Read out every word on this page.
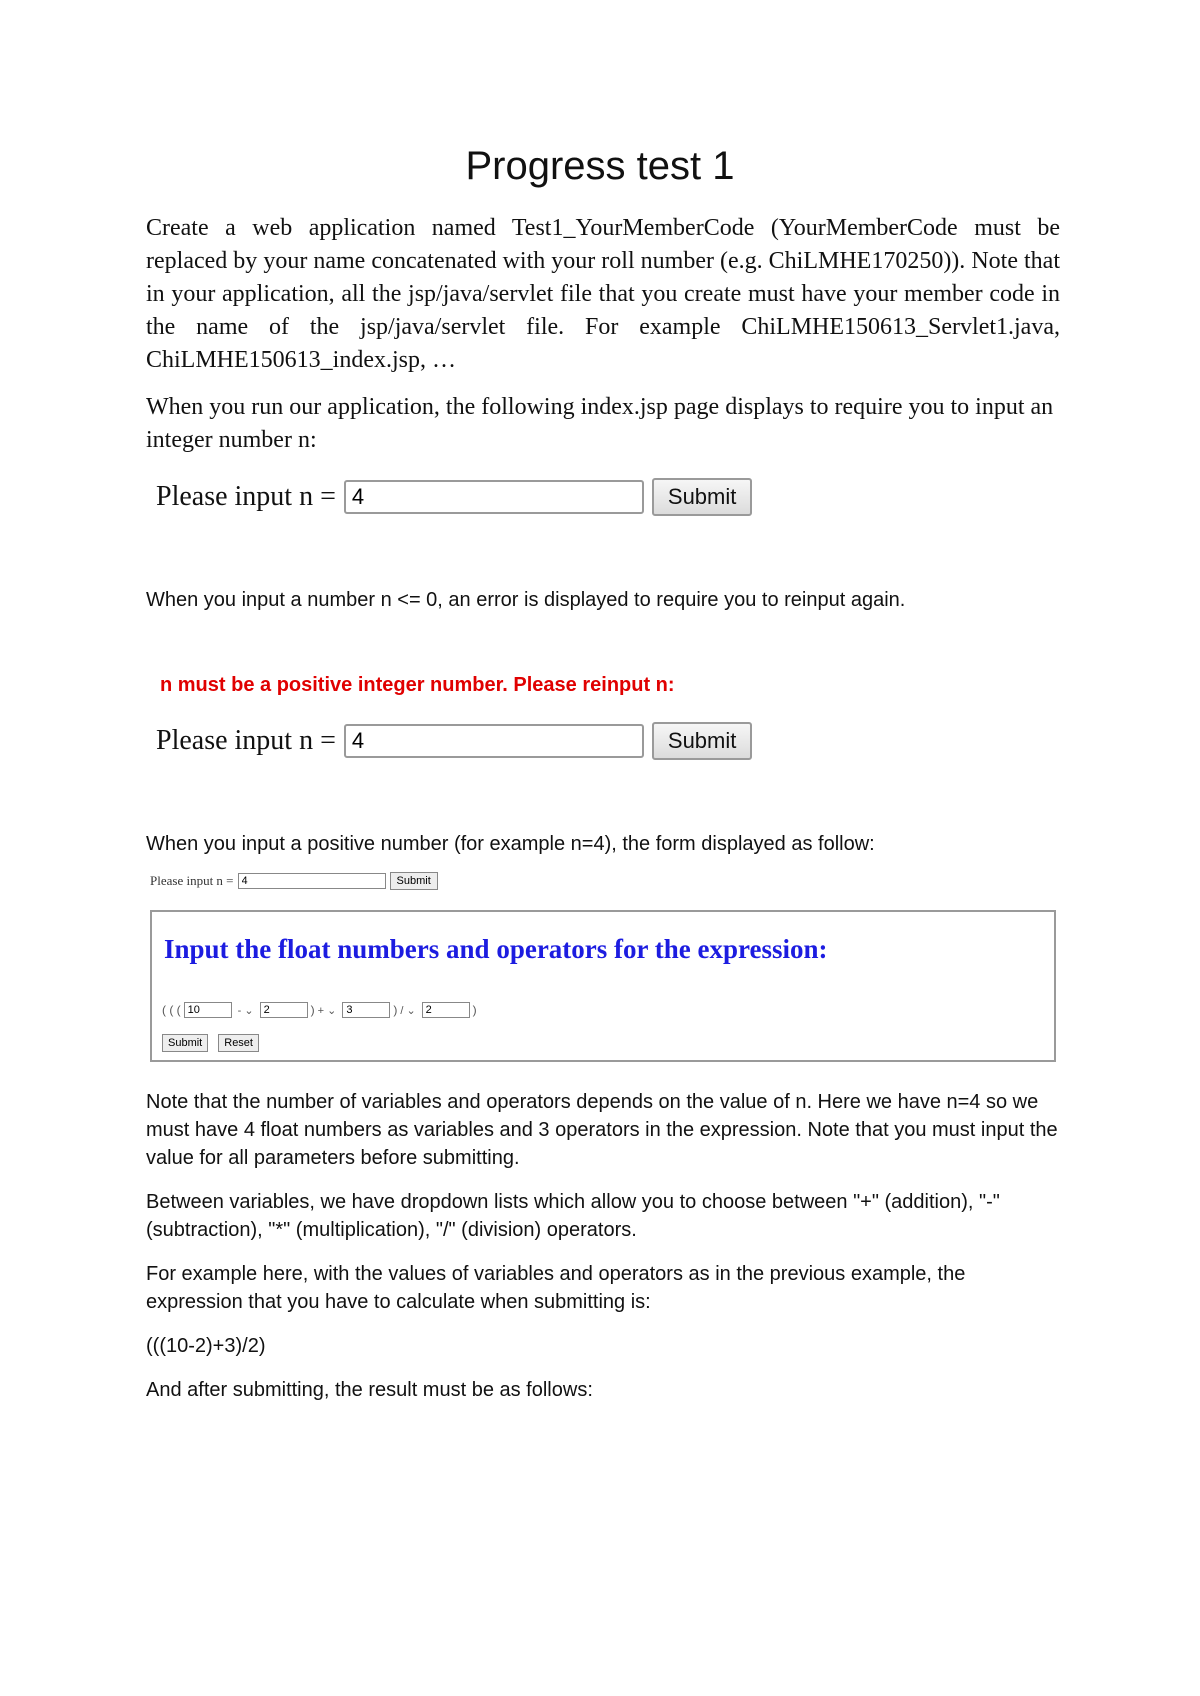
Progress test 1

Create a web application named Test1_YourMemberCode (YourMemberCode must be replaced by your name concatenated with your roll number (e.g. ChiLMHE170250)). Note that in your application, all the jsp/java/servlet file that you create must have your member code in the name of the jsp/java/servlet file. For example ChiLMHE150613_Servlet1.java, ChiLMHE150613_index.jsp, …

When you run our application, the following index.jsp page displays to require you to input an integer number n:

Please input n =
4	Submit

When you input a number n <= 0, an error is displayed to require you to reinput again.

n must be a positive integer number. Please reinput n:
Please input n =
4	Submit

When you input a positive number (for example n=4), the form displayed as follow:

Please input n =
4	Submit
Input the float numbers and operators for the expression:
( ( (
10	- ⌄
2	) + ⌄
3	) / ⌄
2	)
Submit	Reset

Note that the number of variables and operators depends on the value of n. Here we have n=4 so we must have 4 float numbers as variables and 3 operators in the expression. Note that you must input the value for all parameters before submitting.

Between variables, we have dropdown lists which allow you to choose between "+" (addition), "-" (subtraction), "*" (multiplication), "/" (division) operators.

For example here, with the values of variables and operators as in the previous example, the expression that you have to calculate when submitting is:

(((10-2)+3)/2)

And after submitting, the result must be as follows:
